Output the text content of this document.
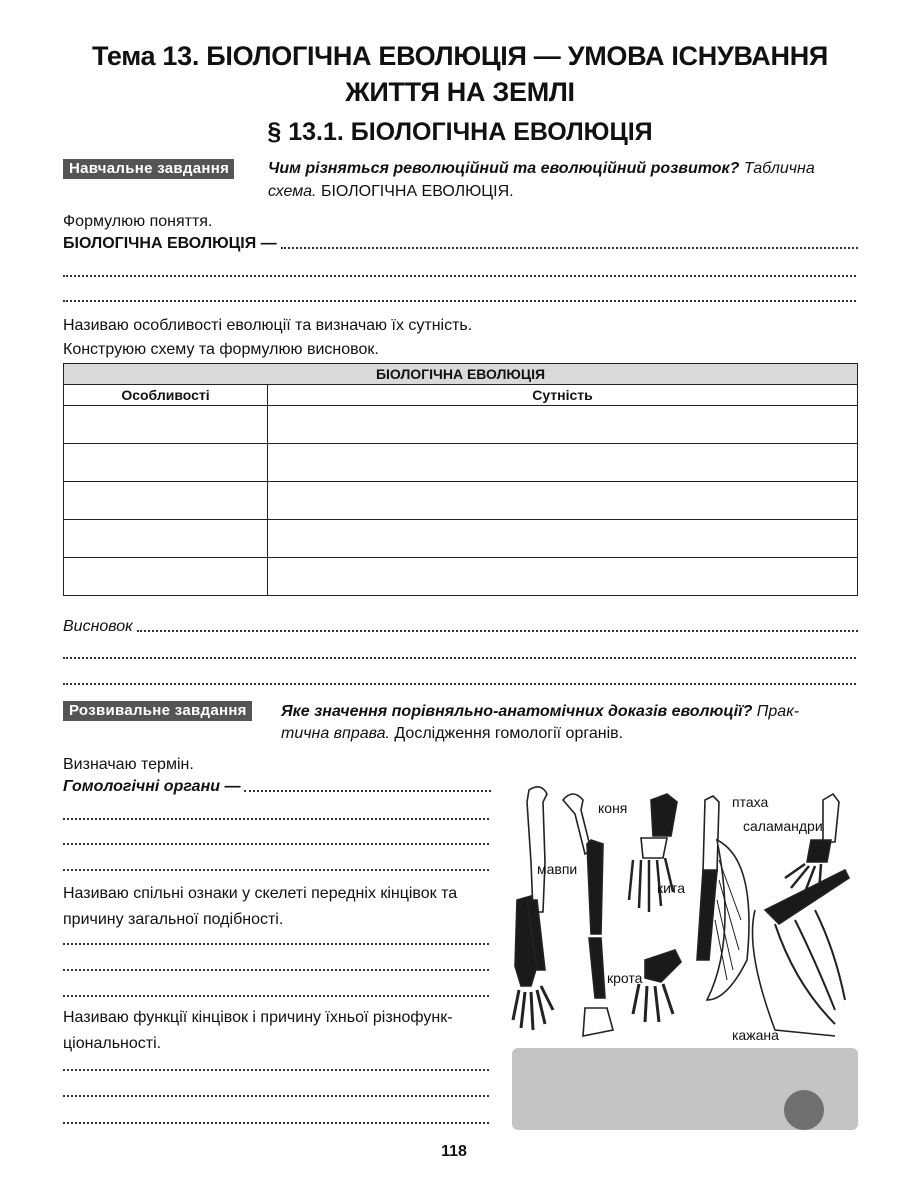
Тема 13. БІОЛОГІЧНА ЕВОЛЮЦІЯ — УМОВА ІСНУВАННЯ
ЖИТТЯ НА ЗЕМЛІ
§ 13.1. БІОЛОГІЧНА ЕВОЛЮЦІЯ
Навчальне завдання	Чим різняться революційний та еволюційний розвиток? Таблична
схема. БІОЛОГІЧНА ЕВОЛЮЦІЯ.
Формулюю поняття.
БІОЛОГІЧНА ЕВОЛЮЦІЯ —
Називаю особливості еволюції та визначаю їх сутність.
Конструюю схему та формулюю висновок.
БІОЛОГІЧНА ЕВОЛЮЦІЯ	
Особливості	Сутність

Висновок
Розвивальне завдання	Яке значення порівняльно-анатомічних доказів еволюції? Прак-
тична вправа. Дослідження гомології органів.
Визначаю термін.
Гомологічні органи —
Називаю спільні ознаки у скелеті передніх кінцівок та
причину загальної подібності.
Називаю функції кінцівок і причину їхньої різнофунк-
ціональності.
коня	птаха
саламандри
мавпи
кита
крота
кажана
118
